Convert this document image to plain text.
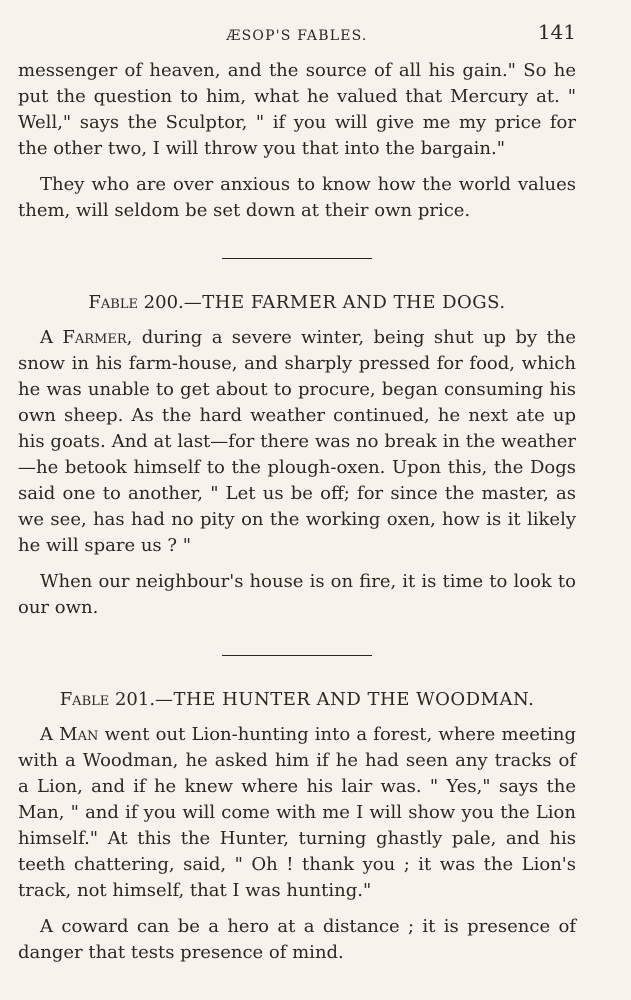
ÆSOP'S FABLES.	141

messenger of heaven, and the source of all his gain." So he put the question to him, what he valued that Mercury at. " Well," says the Sculptor, " if you will give me my price for the other two, I will throw you that into the bargain."

They who are over anxious to know how the world values them, will seldom be set down at their own price.

Fable 200.—THE FARMER AND THE DOGS.

A Farmer, during a severe winter, being shut up by the snow in his farm-house, and sharply pressed for food, which he was unable to get about to procure, began consuming his own sheep. As the hard weather continued, he next ate up his goats. And at last—for there was no break in the weather—he betook himself to the plough-oxen. Upon this, the Dogs said one to another, " Let us be off; for since the master, as we see, has had no pity on the working oxen, how is it likely he will spare us ? "

When our neighbour's house is on fire, it is time to look to our own.

Fable 201.—THE HUNTER AND THE WOODMAN.

A Man went out Lion-hunting into a forest, where meeting with a Woodman, he asked him if he had seen any tracks of a Lion, and if he knew where his lair was. " Yes," says the Man, " and if you will come with me I will show you the Lion himself." At this the Hunter, turning ghastly pale, and his teeth chattering, said, " Oh ! thank you ; it was the Lion's track, not himself, that I was hunting."

A coward can be a hero at a distance ; it is presence of danger that tests presence of mind.
